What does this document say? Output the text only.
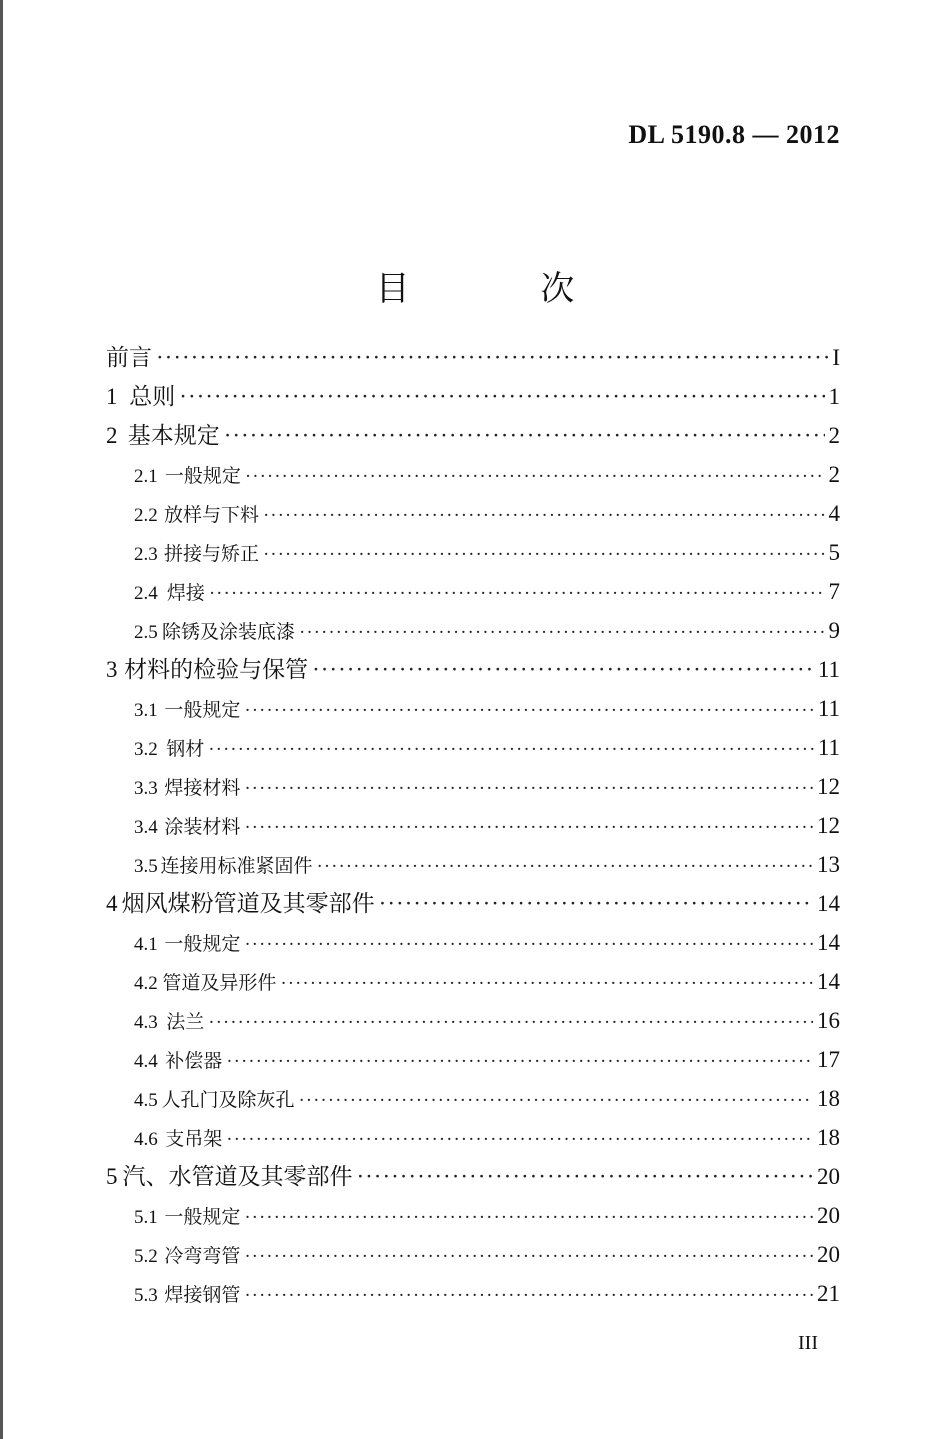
DL 5190.8 — 2012
目 次
前言 ·····	I
1 总则 ·····	1
2 基本规定 ·····	2
2.1 一般规定 ·····	2
2.2 放样与下料 ·····	4
2.3 拼接与矫正 ·····	5
2.4 焊接 ·····	7
2.5 除锈及涂装底漆 ·····	9
3 材料的检验与保管 ·····	11
3.1 一般规定 ·····	11
3.2 钢材 ·····	11
3.3 焊接材料 ·····	12
3.4 涂装材料 ·····	12
3.5 连接用标准紧固件 ·····	13
4 烟风煤粉管道及其零部件 ·····	14
4.1 一般规定 ·····	14
4.2 管道及异形件 ·····	14
4.3 法兰 ·····	16
4.4 补偿器 ·····	17
4.5 人孔门及除灰孔 ·····	18
4.6 支吊架 ·····	18
5 汽、水管道及其零部件 ·····	20
5.1 一般规定 ·····	20
5.2 冷弯弯管 ·····	20
5.3 焊接钢管 ·····	21
III
